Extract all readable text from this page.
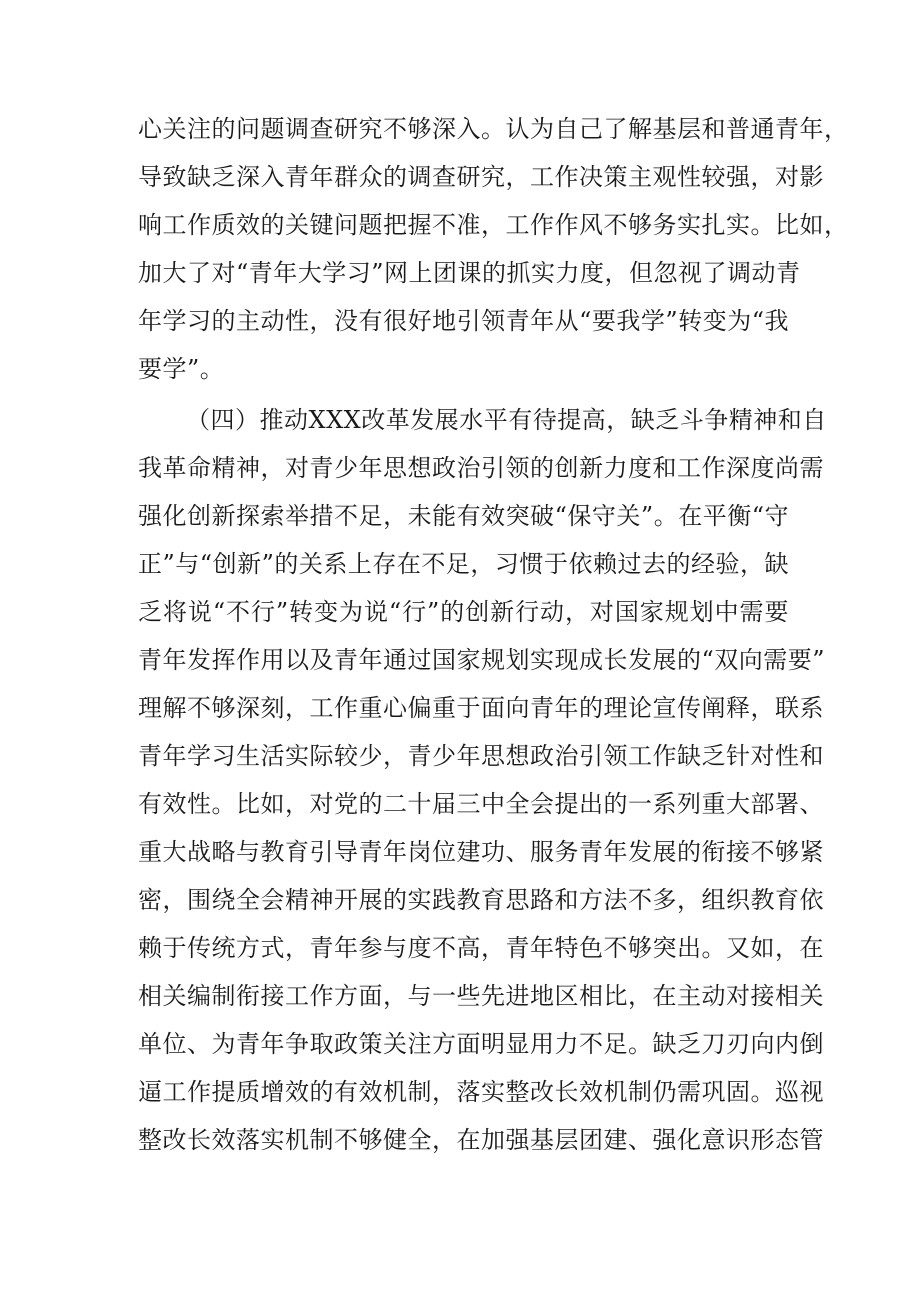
心关注的问题调查研究不够深入。认为自己了解基层和普通青年，
导致缺乏深入青年群众的调查研究，工作决策主观性较强，对影
响工作质效的关键问题把握不准，工作作风不够务实扎实。比如，
加大了对“青年大学习”网上团课的抓实力度，但忽视了调动青
年学习的主动性，没有很好地引领青年从“要我学”转变为“我
要学”。
（四）推动XXX改革发展水平有待提高，缺乏斗争精神和自
我革命精神，对青少年思想政治引领的创新力度和工作深度尚需
强化创新探索举措不足，未能有效突破“保守关”。在平衡“守
正”与“创新”的关系上存在不足，习惯于依赖过去的经验，缺
乏将说“不行”转变为说“行”的创新行动，对国家规划中需要
青年发挥作用以及青年通过国家规划实现成长发展的“双向需要”
理解不够深刻，工作重心偏重于面向青年的理论宣传阐释，联系
青年学习生活实际较少，青少年思想政治引领工作缺乏针对性和
有效性。比如，对党的二十届三中全会提出的一系列重大部署、
重大战略与教育引导青年岗位建功、服务青年发展的衔接不够紧
密，围绕全会精神开展的实践教育思路和方法不多，组织教育依
赖于传统方式，青年参与度不高，青年特色不够突出。又如，在
相关编制衔接工作方面，与一些先进地区相比，在主动对接相关
单位、为青年争取政策关注方面明显用力不足。缺乏刀刃向内倒
逼工作提质增效的有效机制，落实整改长效机制仍需巩固。巡视
整改长效落实机制不够健全，在加强基层团建、强化意识形态管
